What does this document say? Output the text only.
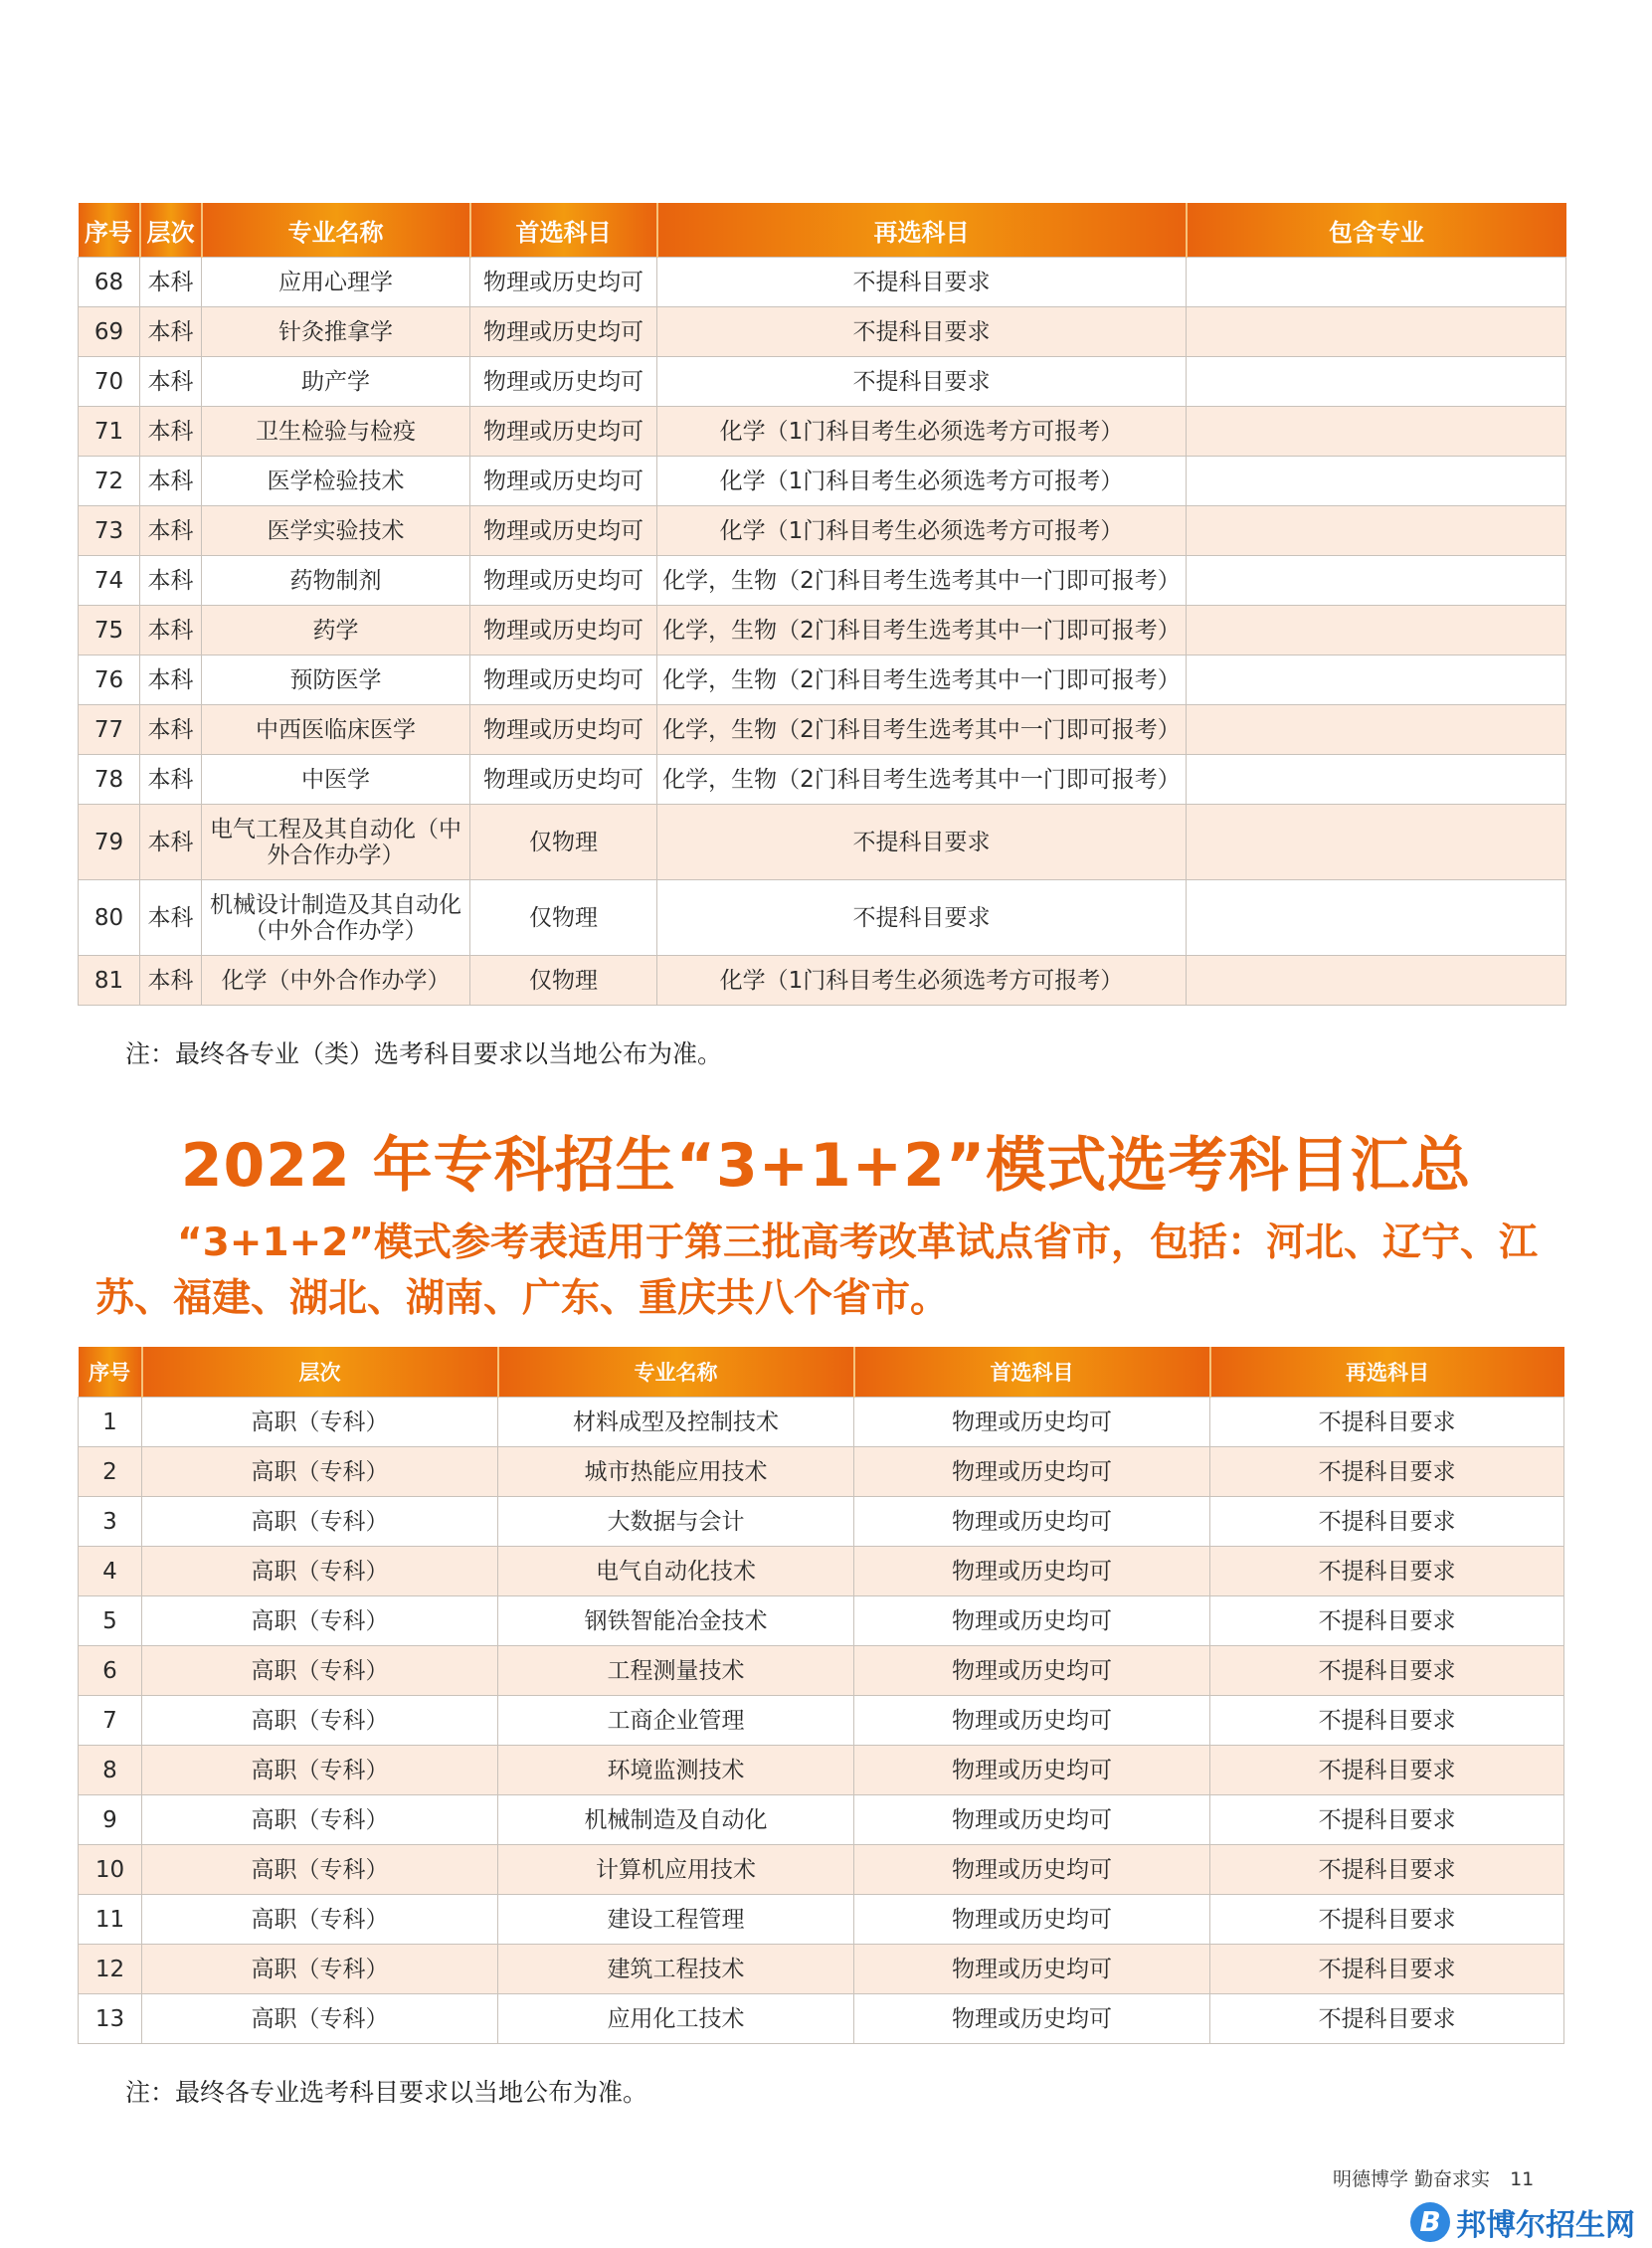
序号	层次	专业名称	首选科目	再选科目	包含专业
68	本科	应用心理学	物理或历史均可	不提科目要求	
69	本科	针灸推拿学	物理或历史均可	不提科目要求	
70	本科	助产学	物理或历史均可	不提科目要求	
71	本科	卫生检验与检疫	物理或历史均可	化学（1门科目考生必须选考方可报考）	
72	本科	医学检验技术	物理或历史均可	化学（1门科目考生必须选考方可报考）	
73	本科	医学实验技术	物理或历史均可	化学（1门科目考生必须选考方可报考）	
74	本科	药物制剂	物理或历史均可	化学，生物（2门科目考生选考其中一门即可报考）	
75	本科	药学	物理或历史均可	化学，生物（2门科目考生选考其中一门即可报考）	
76	本科	预防医学	物理或历史均可	化学，生物（2门科目考生选考其中一门即可报考）	
77	本科	中西医临床医学	物理或历史均可	化学，生物（2门科目考生选考其中一门即可报考）	
78	本科	中医学	物理或历史均可	化学，生物（2门科目考生选考其中一门即可报考）	
79	本科	电气工程及其自动化（中外合作办学）	仅物理	不提科目要求	
80	本科	机械设计制造及其自动化（中外合作办学）	仅物理	不提科目要求	
81	本科	化学（中外合作办学）	仅物理	化学（1门科目考生必须选考方可报考）	
注：最终各专业（类）选考科目要求以当地公布为准。
2022 年专科招生“3+1+2”模式选考科目汇总
“3+1+2”模式参考表适用于第三批高考改革试点省市，包括：河北、辽宁、江苏、福建、湖北、湖南、广东、重庆共八个省市。
序号	层次	专业名称	首选科目	再选科目
1	高职（专科）	材料成型及控制技术	物理或历史均可	不提科目要求
2	高职（专科）	城市热能应用技术	物理或历史均可	不提科目要求
3	高职（专科）	大数据与会计	物理或历史均可	不提科目要求
4	高职（专科）	电气自动化技术	物理或历史均可	不提科目要求
5	高职（专科）	钢铁智能冶金技术	物理或历史均可	不提科目要求
6	高职（专科）	工程测量技术	物理或历史均可	不提科目要求
7	高职（专科）	工商企业管理	物理或历史均可	不提科目要求
8	高职（专科）	环境监测技术	物理或历史均可	不提科目要求
9	高职（专科）	机械制造及自动化	物理或历史均可	不提科目要求
10	高职（专科）	计算机应用技术	物理或历史均可	不提科目要求
11	高职（专科）	建设工程管理	物理或历史均可	不提科目要求
12	高职（专科）	建筑工程技术	物理或历史均可	不提科目要求
13	高职（专科）	应用化工技术	物理或历史均可	不提科目要求
注：最终各专业选考科目要求以当地公布为准。
明德博学 勤奋求实 11
B 邦博尔招生网
